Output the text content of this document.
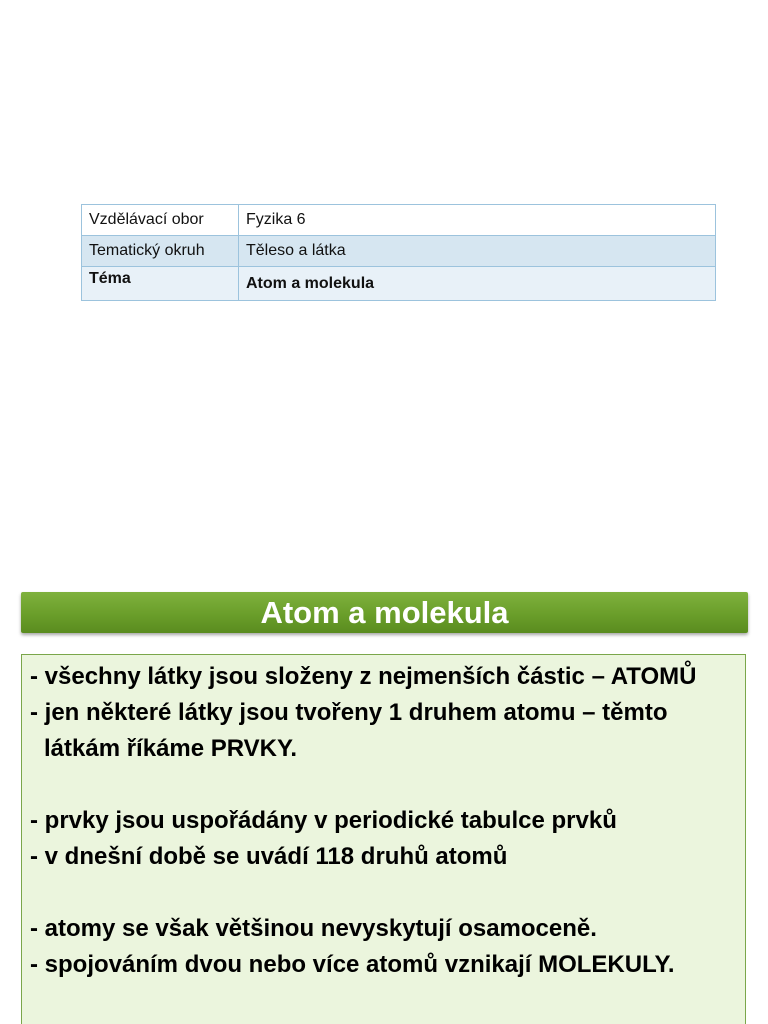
Vzdělávací obor	Fyzika 6
Tematický okruh	Těleso a látka
Téma	Atom a molekula
Atom a molekula
- všechny látky jsou složeny z nejmenších částic – ATOMŮ
- jen některé látky jsou tvořeny 1 druhem atomu – těmto
látkám říkáme PRVKY.
- prvky jsou uspořádány v periodické tabulce prvků
- v dnešní době se uvádí 118 druhů atomů
- atomy se však většinou nevyskytují osamoceně.
- spojováním dvou nebo více atomů vznikají MOLEKULY.
